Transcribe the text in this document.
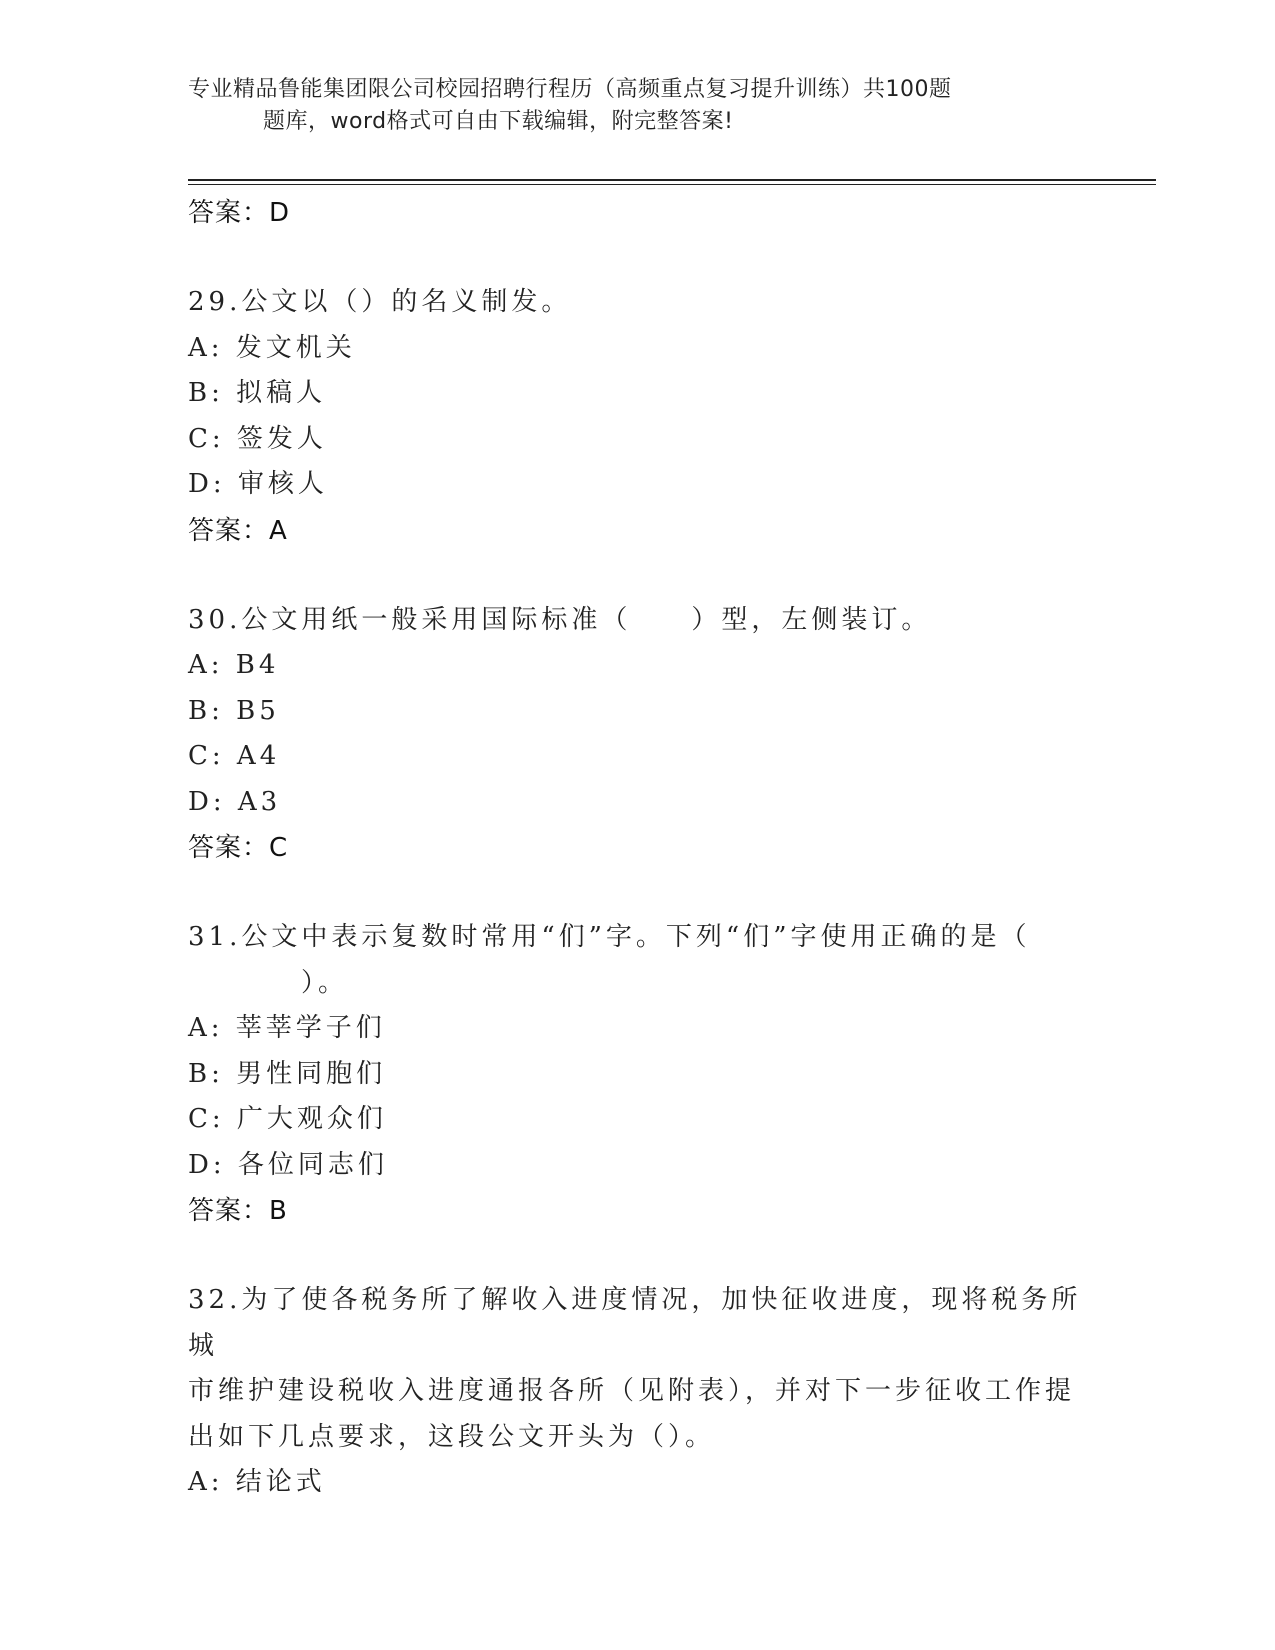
专业精品鲁能集团限公司校园招聘行程历（高频重点复习提升训练）共100题
题库，word格式可自由下载编辑，附完整答案!
答案：D
29.公文以（）的名义制发。
A: 发文机关
B: 拟稿人
C: 签发人
D: 审核人
答案：A
30.公文用纸一般采用国际标准（　　）型，左侧装订。
A: B4
B: B5
C: A4
D: A3
答案：C
31.公文中表示复数时常用“们”字。下列“们”字使用正确的是（
）。
A: 莘莘学子们
B: 男性同胞们
C: 广大观众们
D: 各位同志们
答案：B
32.为了使各税务所了解收入进度情况，加快征收进度，现将税务所城
市维护建设税收入进度通报各所（见附表），并对下一步征收工作提
出如下几点要求，这段公文开头为（）。
A: 结论式
